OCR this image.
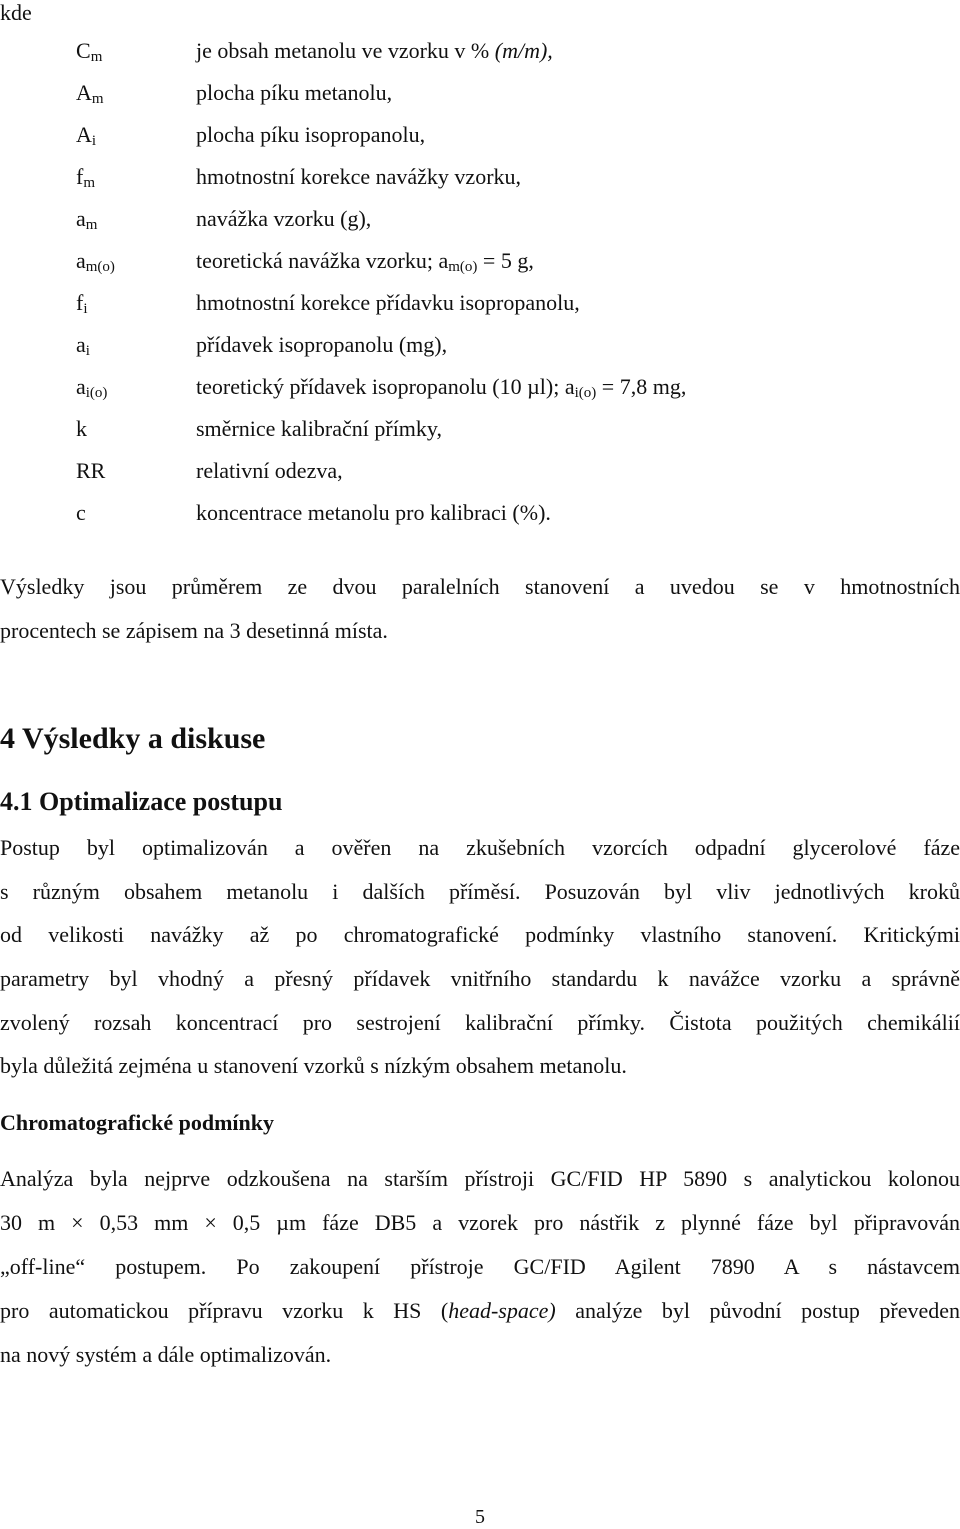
kde
$C_m$	je obsah metanolu ve vzorku v % (m/m),
$A_m$	plocha píku metanolu,
$A_i$	plocha píku isopropanolu,
$f_m$	hmotnostní korekce navážky vzorku,
$a_m$	navážka vzorku (g),
$a_{m(o)}$	teoretická navážka vzorku; $a_{m(o)} = 5$ g,
$f_i$	hmotnostní korekce přídavku isopropanolu,
$a_i$	přídavek isopropanolu (mg),
$a_{i(o)}$	teoretický přídavek isopropanolu (10 µl); $a_{i(o)} = 7,8$ mg,
k	směrnice kalibrační přímky,
RR	relativní odezva,
c	koncentrace metanolu pro kalibraci (%).
Výsledky jsou průměrem ze dvou paralelních stanovení a uvedou se v hmotnostních
procentech se zápisem na 3 desetinná místa.
4 Výsledky a diskuse
4.1 Optimalizace postupu
Postup byl optimalizován a ověřen na zkušebních vzorcích odpadní glycerolové fáze
s různým obsahem metanolu i dalších příměsí. Posuzován byl vliv jednotlivých kroků
od velikosti navážky až po chromatografické podmínky vlastního stanovení. Kritickými
parametry byl vhodný a přesný přídavek vnitřního standardu k navážce vzorku a správně
zvolený rozsah koncentrací pro sestrojení kalibrační přímky. Čistota použitých chemikálií
byla důležitá zejména u stanovení vzorků s nízkým obsahem metanolu.
Chromatografické podmínky
Analýza byla nejprve odzkoušena na starším přístroji GC/FID HP 5890 s analytickou kolonou
30 m × 0,53 mm × 0,5 µm fáze DB5 a vzorek pro nástřik z plynné fáze byl připravován
„off-line“ postupem. Po zakoupení přístroje GC/FID Agilent 7890 A s nástavcem
pro automatickou přípravu vzorku k HS (head-space) analýze byl původní postup převeden
na nový systém a dále optimalizován.
5
